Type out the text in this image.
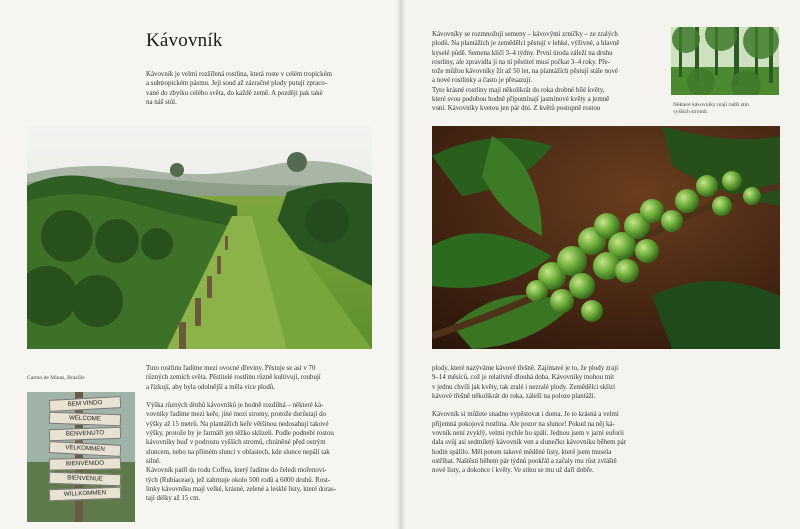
Kávovník
Kávovník je velmi rozšířená rostlina, která roste v celém tropickém
a subtropickém pásmu. Její soud až zázračné plody putují zpraco-
vané do zbytku celého světa, do každé země. A později pak také
na náš stůl.
Carmo de Minas, Brazílie
BEM VINDO
WELCOME
BENVENUTO
VELKOMMEN
BIENVENIDO
BIENVENUE
WILLKOMMEN
Tuto rostlinu řadíme mezi ovocné dřeviny. Pěstuje se asi v 70
různých zemích světa. Pěstitelé rostlinu různě kultivují, roubují
a řízkují, aby byla odolnější a měla více plodů.

Výška různých druhů kávovníků je hodně rozdílná – některé ká-
vovníky řadíme mezi keře, jiné mezi stromy, protože dorůstají do
výšky až 15 metrů. Na plantážích keře většinou nedosahují takové
výšky, protože by je farmáři jen těžko sklízeli. Podle podnebí rostou
kávovníky buď v podrostu vyšších stromů, chráněné před ostrým
sluncem, nebo na přímém slunci v oblastech, kde slunce nepálí tak
silně.
Kávovník patří do rodu Coffea, který řadíme do čeledi mořenovi-
tých (Rubiaceae), jež zahrnuje okolo 500 rodů a 6000 druhů. Rost-
linky kávovníku mají velké, krásné, zelené a lesklé listy, které doras-
tají délky až 15 cm.
Kávovníky se rozmnožují semeny – kávovými zrníčky – ze zralých
plodů. Na plantážích je zemědělci pěstují v lehké, výživné, a hlavně
kyselé půdě. Semena klíčí 3–4 týdny. První úroda záleží na druhu
rostliny, ale zpravidla ji na ní pěstitel musí počkat 3–4 roky. Pře-
tože můžou kávovníky žít až 50 let, na plantážích pěstují stále nové
a nové rostlinky a často je přesazují.
Tyto krásné rostliny mají několikrát do roka drobné bílé květy,
které svou podobou hodně připomínají jasmínové květy a jemně
voní. Kávovníky kvetou jen pár dní. Z květů postupně rostou
Některé kávovníky mají radši stín
vyšších stromů.
plody, které nazýváme kávové třešně. Zajímavé je to, že plody zrají
9–14 měsíců, což je relativně dlouhá doba. Kávovníky mohou mít
v jednu chvíli jak květy, tak zralé i nezralé plody. Zemědělci sklízí
kávové třešně několikrát do roka, záleží na poloze plantáží.

Kávovník si můžete snadno vypěstovat i doma. Je to krásná a velmi
příjemná pokojová rostlina. Ale pozor na slunce! Pokud na něj ká-
vovník není zvyklý, velmi rychle ho spálí. Jednou jsem v jarní euforii
dala svůj asi sedmiletý kávovník ven a slunečko kávovníku během pár
hodin spálilo. Měl potom takové měděné listy, které jsem musela
ostříhat. Naštěstí během pár týdnů pookřál a začaly mu růst zvláště
nové listy, a dokonce i květy. Ve stínu se mu už daří dobře.
